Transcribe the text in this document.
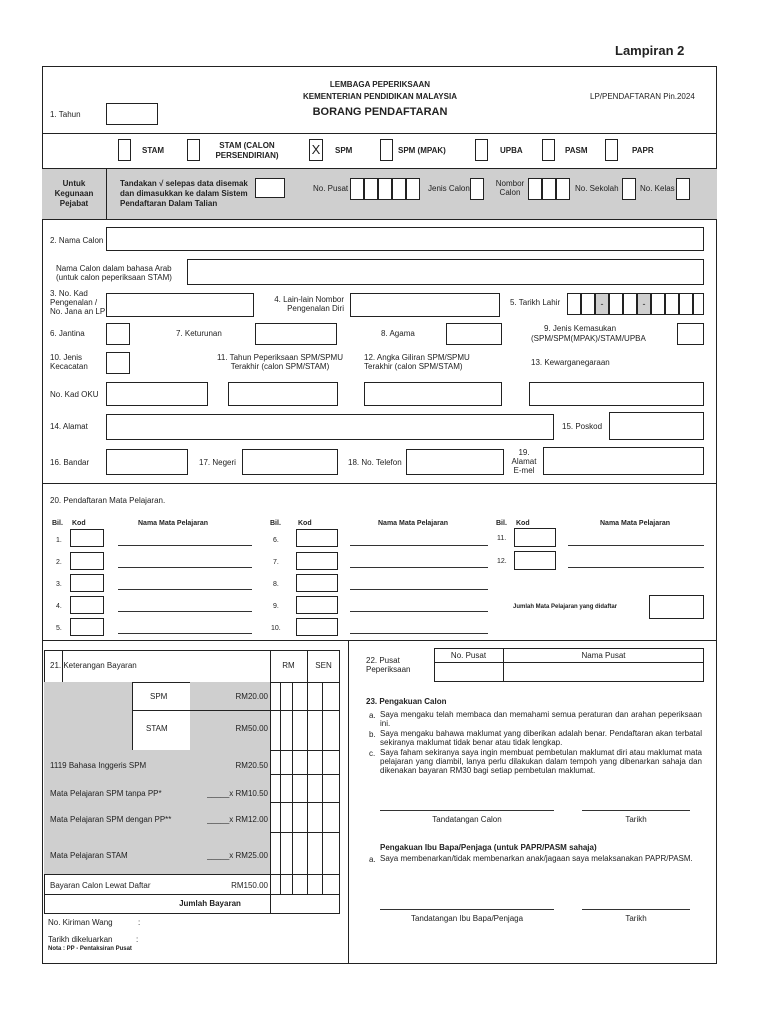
Lampiran 2
LEMBAGA PEPERIKSAAN
KEMENTERIAN PENDIDIKAN MALAYSIA
BORANG PENDAFTARAN
LP/PENDAFTARAN Pin.2024
1. Tahun
STAM
STAM (CALON
PERSENDIRIAN)	X	SPM	SPM (MPAK)	UPBA	PASM	PAPR
Untuk
Kegunaan
Pejabat
Tandakan √ selepas data disemak
dan dimasukkan ke dalam Sistem
Pendaftaran Dalam Talian
No. Pusat	Jenis Calon
Nombor
Calon	No. Sekolah	No. Kelas
2. Nama Calon
Nama Calon dalam bahasa Arab
(untuk calon peperiksaan STAM)
3. No. Kad
Pengenalan /
No. Jana an LP
4. Lain-lain Nombor
Pengenalan Diri
5. Tarikh Lahir	-	-
6. Jantina	7. Keturunan	8. Agama
9. Jenis Kemasukan
(SPM/SPM(MPAK)/STAM/UPBA
10. Jenis
Kecacatan
11. Tahun Peperiksaan SPM/SPMU
Terakhir (calon SPM/STAM)
12. Angka Giliran SPM/SPMU
Terakhir (calon SPM/STAM)	13. Kewarganegaraan
No. Kad OKU
14. Alamat	15. Poskod
16. Bandar	17. Negeri	18. No. Telefon
19.
Alamat
E-mel
20. Pendaftaran Mata Pelajaran.
Bil. Kod	Nama Mata Pelajaran	Bil. Kod	Nama Mata Pelajaran	Bil. Kod	Nama Mata Pelajaran
1.
2.
3.
4.
5.
6.
7.
8.
9.
10.
11.
12.
Jumlah Mata Pelajaran yang didaftar
21. Keterangan Bayaran	RM	SEN
SPM	RM20.00
STAM	RM50.00
1119 Bahasa Inggeris SPM	RM20.50
Mata Pelajaran SPM tanpa PP*	_____x RM10.50
Mata Pelajaran SPM dengan PP**	_____x RM12.00
Mata Pelajaran STAM	_____x RM25.00
Bayaran Calon Lewat Daftar	RM150.00
Jumlah Bayaran
No. Kiriman Wang	:
Tarikh dikeluarkan	:
Nota : PP - Pentaksiran Pusat
22. Pusat
Peperiksaan
No. Pusat	Nama Pusat
23. Pengakuan Calon
a. Saya mengaku telah membaca dan memahami semua peraturan dan arahan peperiksaan ini.
b. Saya mengaku bahawa maklumat yang diberikan adalah benar. Pendaftaran akan terbatal sekiranya maklumat tidak benar atau tidak lengkap.
c. Saya faham sekiranya saya ingin membuat pembetulan maklumat diri atau maklumat mata pelajaran yang diambil, lanya perlu dilakukan dalam tempoh yang dibenarkan sahaja dan dikenakan bayaran RM30 bagi setiap pembetulan maklumat.
Tandatangan Calon	Tarikh
Pengakuan Ibu Bapa/Penjaga (untuk PAPR/PASM sahaja)
a. Saya membenarkan/tidak membenarkan anak/jagaan saya melaksanakan PAPR/PASM.
Tandatangan Ibu Bapa/Penjaga	Tarikh
